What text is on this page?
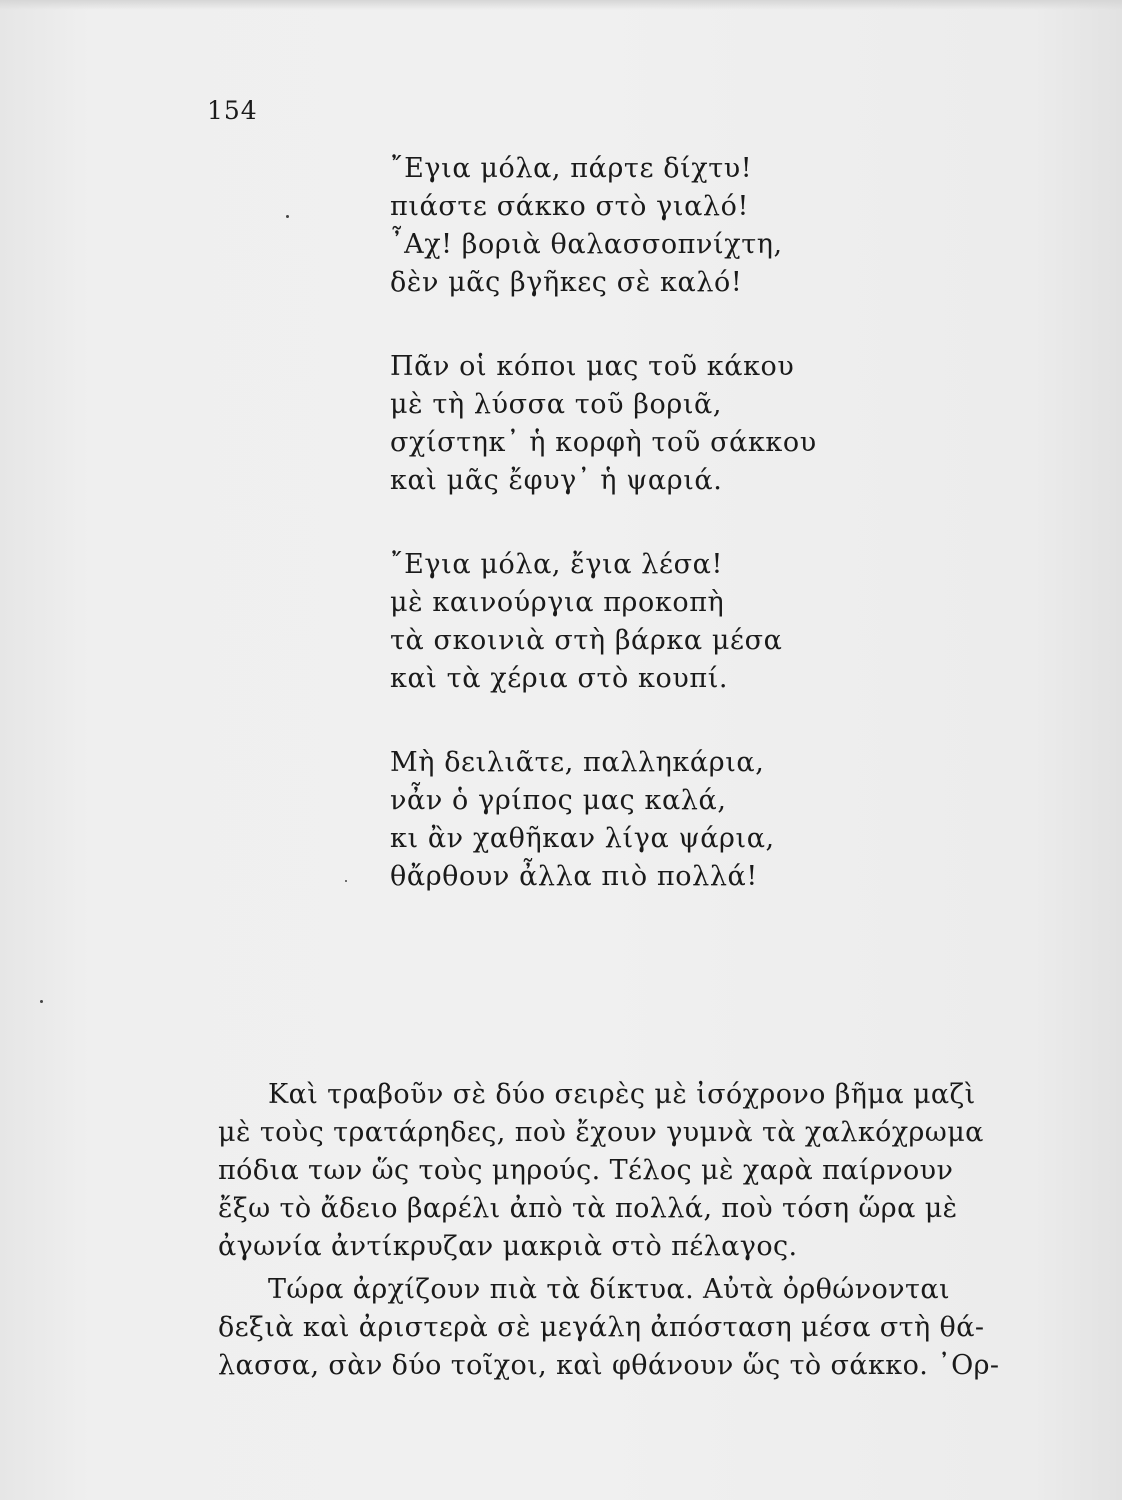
154
῎Εγια μόλα, πάρτε δίχτυ!
πιάστε σάκκο στὸ γιαλό!
῏Αχ! βοριὰ θαλασσοπνίχτη,
δὲν μᾶς βγῆκες σὲ καλό!
Πᾶν οἱ κόποι μας τοῦ κάκου
μὲ τὴ λύσσα τοῦ βοριᾶ,
σχίστηκ᾽ ἡ κορφὴ τοῦ σάκκου
καὶ μᾶς ἔφυγ᾽ ἡ ψαριά.
῎Εγια μόλα, ἔγια λέσα!
μὲ καινούργια προκοπὴ
τὰ σκοινιὰ στὴ βάρκα μέσα
καὶ τὰ χέρια στὸ κουπί.
Μὴ δειλιᾶτε, παλληκάρια,
νἆν ὁ γρίπος μας καλά,
κι ἂν χαθῆκαν λίγα ψάρια,
θἄρθουν ἆλλα πιὸ πολλά!
Καὶ τραβοῦν σὲ δύο σειρὲς μὲ ἰσόχρονο βῆμα μαζὶ
μὲ τοὺς τρατάρηδες, ποὺ ἔχουν γυμνὰ τὰ χαλκόχρωμα
πόδια των ὥς τοὺς μηρούς. Τέλος μὲ χαρὰ παίρνουν
ἔξω τὸ ἄδειο βαρέλι ἀπὸ τὰ πολλά, ποὺ τόση ὥρα μὲ
ἀγωνία ἀντίκρυζαν μακριὰ στὸ πέλαγος.
Τώρα ἀρχίζουν πιὰ τὰ δίκτυα. Αὐτὰ ὀρθώνονται
δεξιὰ καὶ ἀριστερὰ σὲ μεγάλη ἀπόσταση μέσα στὴ θά-
λασσα, σὰν δύο τοῖχοι, καὶ φθάνουν ὥς τὸ σάκκο. ᾿Ορ-
